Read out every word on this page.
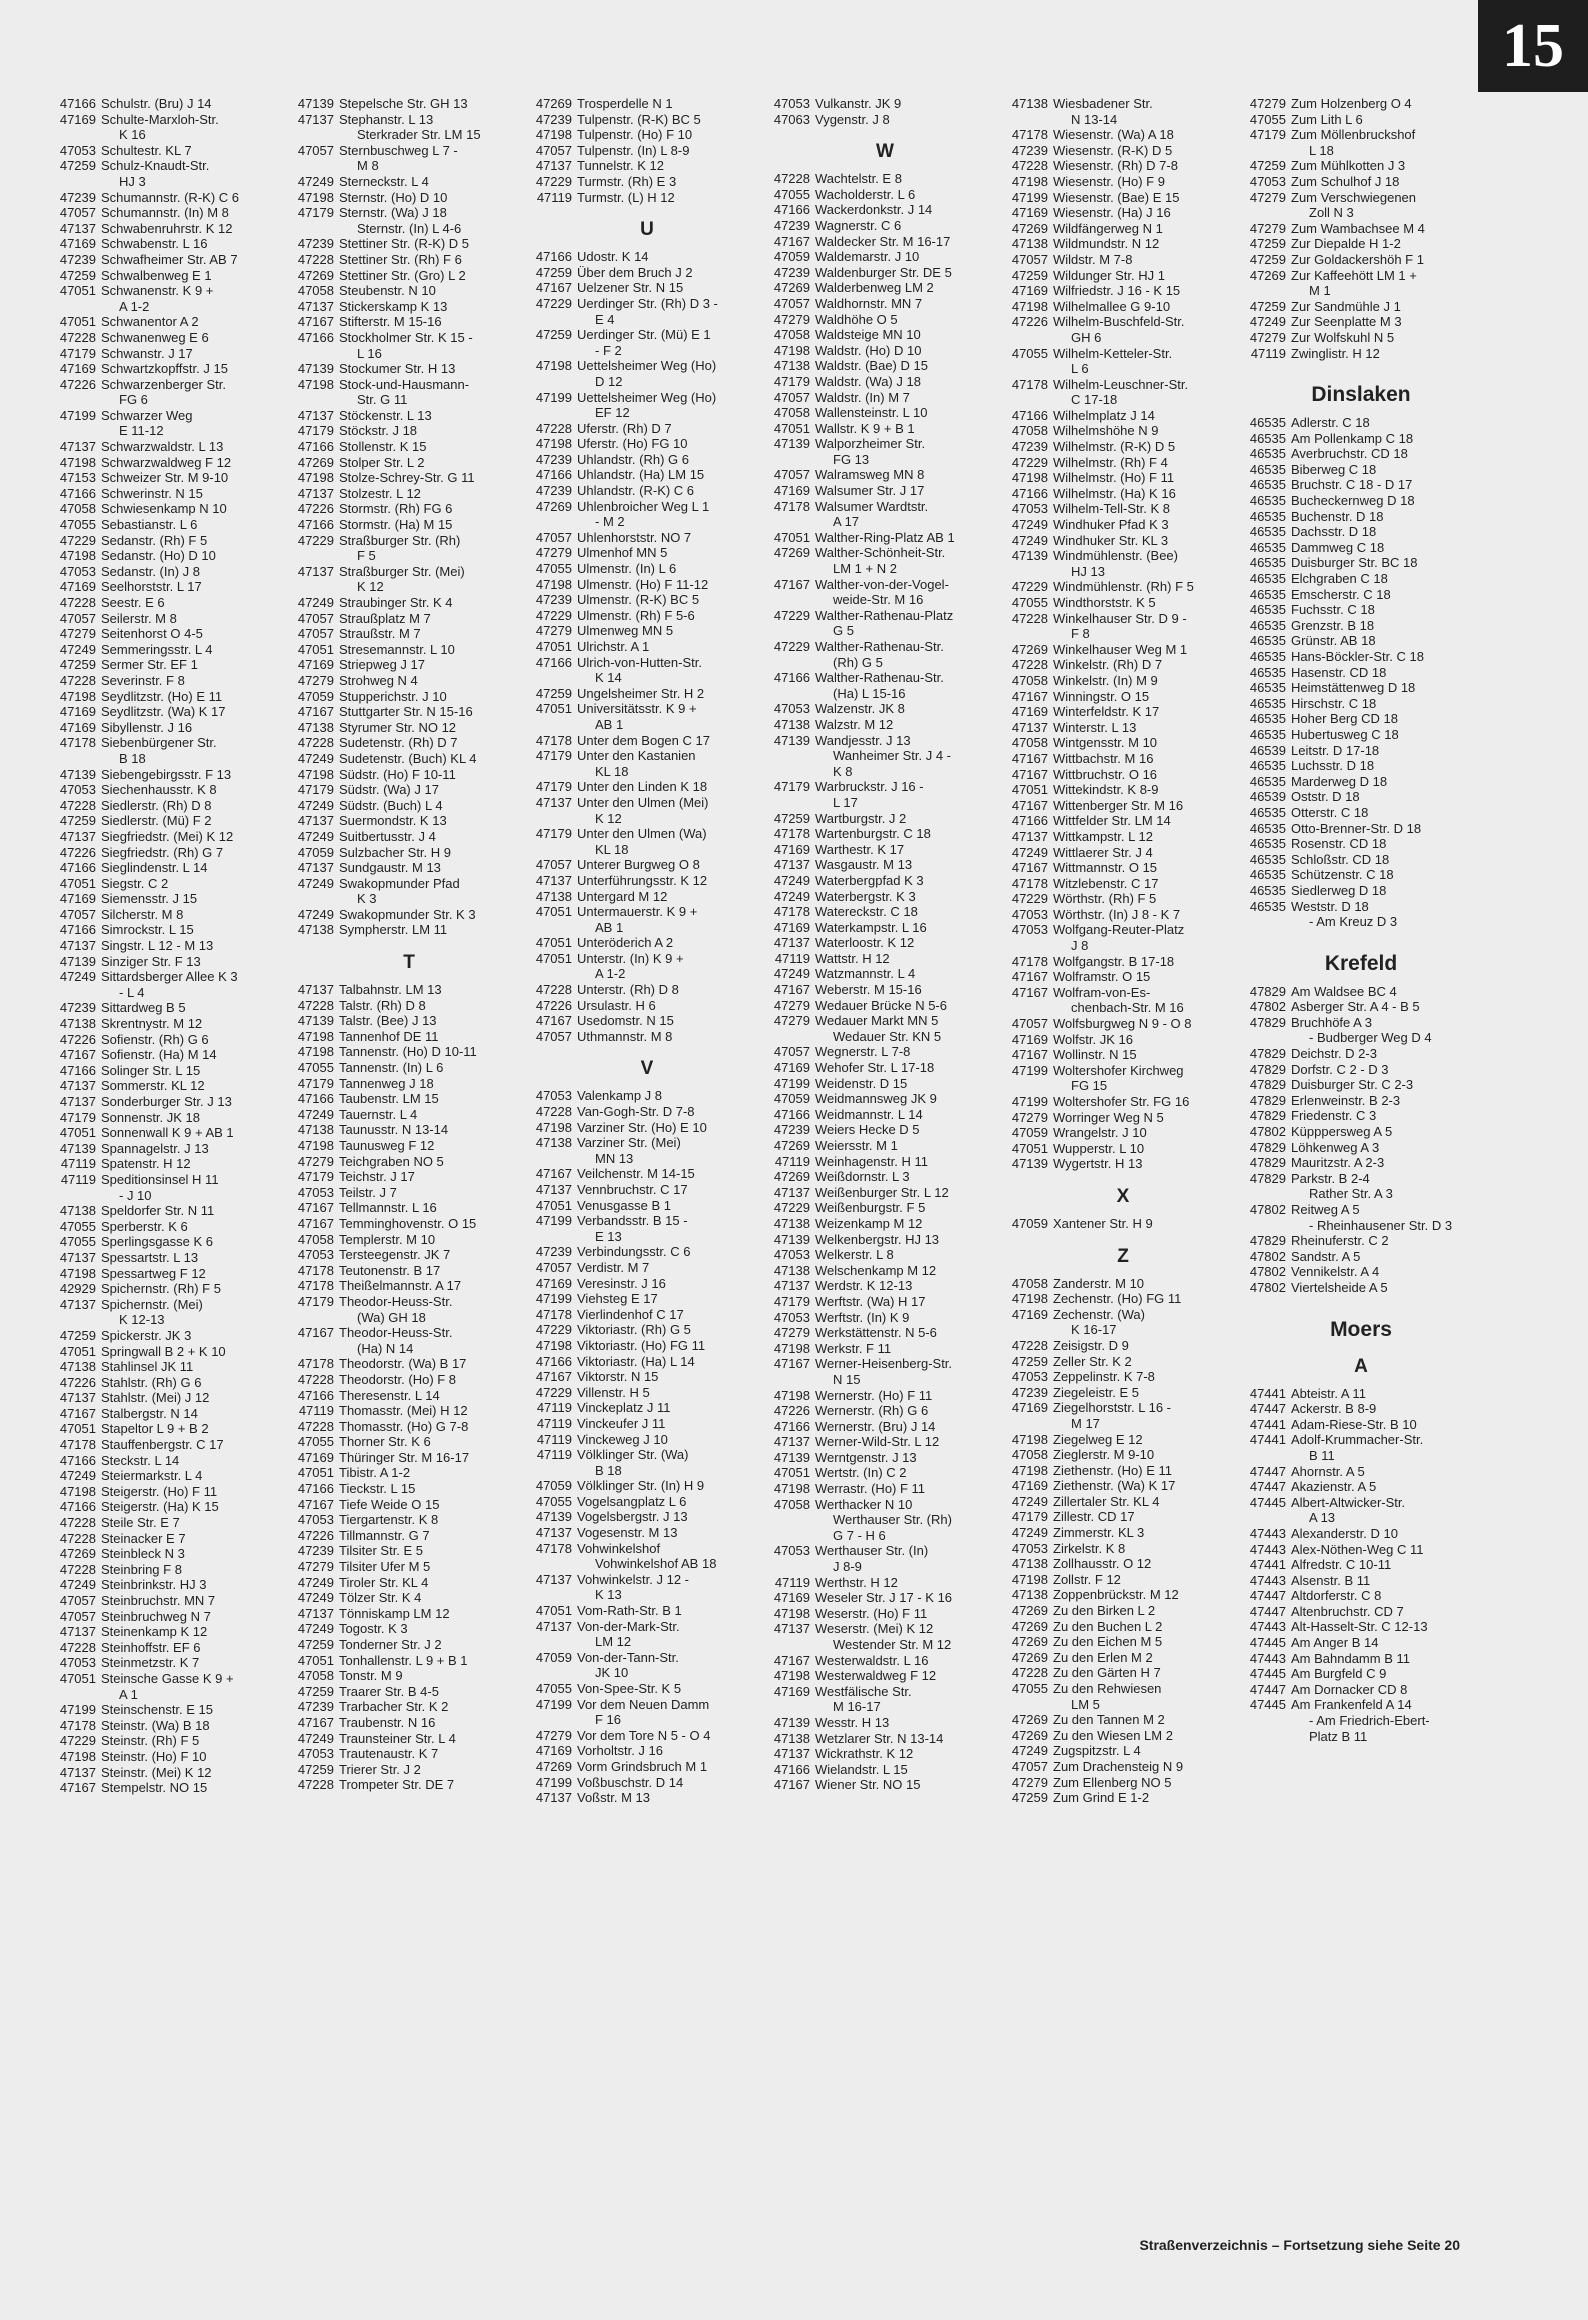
15
47166 Schulstr. (Bru) J 14
47169 Schulte-Marxloh-Str.
K 16
47053 Schultestr. KL 7
47259 Schulz-Knaudt-Str.
HJ 3
47239 Schumannstr. (R-K) C 6
47057 Schumannstr. (In) M 8
47137 Schwabenruhrstr. K 12
47169 Schwabenstr. L 16
47239 Schwafheimer Str. AB 7
47259 Schwalbenweg E 1
47051 Schwanenstr. K 9 +
A 1-2
47051 Schwanentor A 2
47228 Schwanenweg E 6
47179 Schwanstr. J 17
47169 Schwartzkopffstr. J 15
47226 Schwarzenberger Str.
FG 6
47199 Schwarzer Weg
E 11-12
47137 Schwarzwaldstr. L 13
47198 Schwarzwaldweg F 12
47153 Schweizer Str. M 9-10
47166 Schwerinstr. N 15
47058 Schwiesenkamp N 10
47055 Sebastianstr. L 6
47229 Sedanstr. (Rh) F 5
47198 Sedanstr. (Ho) D 10
47053 Sedanstr. (In) J 8
47169 Seelhorststr. L 17
47228 Seestr. E 6
47057 Seilerstr. M 8
47279 Seitenhorst O 4-5
47249 Semmeringsstr. L 4
47259 Sermer Str. EF 1
47228 Severinstr. F 8
47198 Seydlitzstr. (Ho) E 11
47169 Seydlitzstr. (Wa) K 17
47169 Sibyllenstr. J 16
47178 Siebenbürgener Str.
B 18
47139 Siebengebirgsstr. F 13
47053 Siechenhausstr. K 8
47228 Siedlerstr. (Rh) D 8
47259 Siedlerstr. (Mü) F 2
47137 Siegfriedstr. (Mei) K 12
47226 Siegfriedstr. (Rh) G 7
47166 Sieglindenstr. L 14
47051 Siegstr. C 2
47169 Siemensstr. J 15
47057 Silcherstr. M 8
47166 Simrockstr. L 15
47137 Singstr. L 12 - M 13
47139 Sinziger Str. F 13
47249 Sittardsberger Allee K 3
- L 4
47239 Sittardweg B 5
47138 Skrentnystr. M 12
47226 Sofienstr. (Rh) G 6
47167 Sofienstr. (Ha) M 14
47166 Solinger Str. L 15
47137 Sommerstr. KL 12
47137 Sonderburger Str. J 13
47179 Sonnenstr. JK 18
47051 Sonnenwall K 9 + AB 1
47139 Spannagelstr. J 13
47119 Spatenstr. H 12
47119 Speditionsinsel H 11
- J 10
47138 Speldorfer Str. N 11
47055 Sperberstr. K 6
47055 Sperlingsgasse K 6
47137 Spessartstr. L 13
47198 Spessartweg F 12
42929 Spichernstr. (Rh) F 5
47137 Spichernstr. (Mei)
K 12-13
47259 Spickerstr. JK 3
47051 Springwall B 2 + K 10
47138 Stahlinsel JK 11
47226 Stahlstr. (Rh) G 6
47137 Stahlstr. (Mei) J 12
47167 Stalbergstr. N 14
47051 Stapeltor L 9 + B 2
47178 Stauffenbergstr. C 17
47166 Steckstr. L 14
47249 Steiermarkstr. L 4
47198 Steigerstr. (Ho) F 11
47166 Steigerstr. (Ha) K 15
47228 Steile Str. E 7
47228 Steinacker E 7
47269 Steinbleck N 3
47228 Steinbring F 8
47249 Steinbrinkstr. HJ 3
47057 Steinbruchstr. MN 7
47057 Steinbruchweg N 7
47137 Steinenkamp K 12
47228 Steinhoffstr. EF 6
47053 Steinmetzstr. K 7
47051 Steinsche Gasse K 9 +
A 1
47199 Steinschenstr. E 15
47178 Steinstr. (Wa) B 18
47229 Steinstr. (Rh) F 5
47198 Steinstr. (Ho) F 10
47137 Steinstr. (Mei) K 12
47167 Stempelstr. NO 15
47139 Stepelsche Str. GH 13
47137 Stephanstr. L 13
Sterkrader Str. LM 15
47057 Sternbuschweg L 7 -
M 8
47249 Sterneckstr. L 4
47198 Sternstr. (Ho) D 10
47179 Sternstr. (Wa) J 18
Sternstr. (In) L 4-6
47239 Stettiner Str. (R-K) D 5
47228 Stettiner Str. (Rh) F 6
47269 Stettiner Str. (Gro) L 2
47058 Steubenstr. N 10
47137 Stickerskamp K 13
47167 Stifterstr. M 15-16
47166 Stockholmer Str. K 15 -
L 16
47139 Stockumer Str. H 13
47198 Stock-und-Hausmann-
Str. G 11
47137 Stöckenstr. L 13
47179 Stöckstr. J 18
47166 Stollenstr. K 15
47269 Stolper Str. L 2
47198 Stolze-Schrey-Str. G 11
47137 Stolzestr. L 12
47226 Stormstr. (Rh) FG 6
47166 Stormstr. (Ha) M 15
47229 Straßburger Str. (Rh)
F 5
47137 Straßburger Str. (Mei)
K 12
47249 Straubinger Str. K 4
47057 Straußplatz M 7
47057 Straußstr. M 7
47051 Stresemannstr. L 10
47169 Striepweg J 17
47279 Strohweg N 4
47059 Stupperichstr. J 10
47167 Stuttgarter Str. N 15-16
47138 Styrumer Str. NO 12
47228 Sudetenstr. (Rh) D 7
47249 Sudetenstr. (Buch) KL 4
47198 Südstr. (Ho) F 10-11
47179 Südstr. (Wa) J 17
47249 Südstr. (Buch) L 4
47137 Suermondstr. K 13
47249 Suitbertusstr. J 4
47059 Sulzbacher Str. H 9
47137 Sundgaustr. M 13
47249 Swakopmunder Pfad
K 3
47249 Swakopmunder Str. K 3
47138 Sympherstr. LM 11
T
47137 Talbahnstr. LM 13
47228 Talstr. (Rh) D 8
47139 Talstr. (Bee) J 13
47198 Tannenhof DE 11
47198 Tannenstr. (Ho) D 10-11
47055 Tannenstr. (In) L 6
47179 Tannenweg J 18
47166 Taubenstr. LM 15
47249 Tauernstr. L 4
47138 Taunusstr. N 13-14
47198 Taunusweg F 12
47279 Teichgraben NO 5
47179 Teichstr. J 17
47053 Teilstr. J 7
47167 Tellmannstr. L 16
47167 Temminghovenstr. O 15
47058 Templerstr. M 10
47053 Tersteegenstr. JK 7
47178 Teutonenstr. B 17
47178 Theißelmannstr. A 17
47179 Theodor-Heuss-Str.
(Wa) GH 18
47167 Theodor-Heuss-Str.
(Ha) N 14
47178 Theodorstr. (Wa) B 17
47228 Theodorstr. (Ho) F 8
47166 Theresenstr. L 14
47119 Thomasstr. (Mei) H 12
47228 Thomasstr. (Ho) G 7-8
47055 Thorner Str. K 6
47169 Thüringer Str. M 16-17
47051 Tibistr. A 1-2
47166 Tieckstr. L 15
47167 Tiefe Weide O 15
47053 Tiergartenstr. K 8
47226 Tillmannstr. G 7
47239 Tilsiter Str. E 5
47279 Tilsiter Ufer M 5
47249 Tiroler Str. KL 4
47249 Tölzer Str. K 4
47137 Tönniskamp LM 12
47249 Togostr. K 3
47259 Tonderner Str. J 2
47051 Tonhallenstr. L 9 + B 1
47058 Tonstr. M 9
47259 Traarer Str. B 4-5
47239 Trarbacher Str. K 2
47167 Traubenstr. N 16
47249 Traunsteiner Str. L 4
47053 Trautenaustr. K 7
47259 Trierer Str. J 2
47228 Trompeter Str. DE 7
47269 Trosperdelle N 1
47239 Tulpenstr. (R-K) BC 5
47198 Tulpenstr. (Ho) F 10
47057 Tulpenstr. (In) L 8-9
47137 Tunnelstr. K 12
47229 Turmstr. (Rh) E 3
47119 Turmstr. (L) H 12
U
47166 Udostr. K 14
47259 Über dem Bruch J 2
47167 Uelzener Str. N 15
47229 Uerdinger Str. (Rh) D 3 -
E 4
47259 Uerdinger Str. (Mü) E 1
- F 2
47198 Uettelsheimer Weg (Ho)
D 12
47199 Uettelsheimer Weg (Ho)
EF 12
47228 Uferstr. (Rh) D 7
47198 Uferstr. (Ho) FG 10
47239 Uhlandstr. (Rh) G 6
47166 Uhlandstr. (Ha) LM 15
47239 Uhlandstr. (R-K) C 6
47269 Uhlenbroicher Weg L 1
- M 2
47057 Uhlenhorststr. NO 7
47279 Ulmenhof MN 5
47055 Ulmenstr. (In) L 6
47198 Ulmenstr. (Ho) F 11-12
47239 Ulmenstr. (R-K) BC 5
47229 Ulmenstr. (Rh) F 5-6
47279 Ulmenweg MN 5
47051 Ulrichstr. A 1
47166 Ulrich-von-Hutten-Str.
K 14
47259 Ungelsheimer Str. H 2
47051 Universitätsstr. K 9 +
AB 1
47178 Unter dem Bogen C 17
47179 Unter den Kastanien
KL 18
47179 Unter den Linden K 18
47137 Unter den Ulmen (Mei)
K 12
47179 Unter den Ulmen (Wa)
KL 18
47057 Unterer Burgweg O 8
47137 Unterführungsstr. K 12
47138 Untergard M 12
47051 Untermauerstr. K 9 +
AB 1
47051 Unteröderich A 2
47051 Unterstr. (In) K 9 +
A 1-2
47228 Unterstr. (Rh) D 8
47226 Ursulastr. H 6
47167 Usedomstr. N 15
47057 Uthmannstr. M 8
V
47053 Valenkamp J 8
47228 Van-Gogh-Str. D 7-8
47198 Varziner Str. (Ho) E 10
47138 Varziner Str. (Mei)
MN 13
47167 Veilchenstr. M 14-15
47137 Vennbruchstr. C 17
47051 Venusgasse B 1
47199 Verbandsstr. B 15 -
E 13
47239 Verbindungsstr. C 6
47057 Verdistr. M 7
47169 Veresinstr. J 16
47199 Viehsteg E 17
47178 Vierlindenhof C 17
47229 Viktoriastr. (Rh) G 5
47198 Viktoriastr. (Ho) FG 11
47166 Viktoriastr. (Ha) L 14
47167 Viktorstr. N 15
47229 Villenstr. H 5
47119 Vinckeplatz J 11
47119 Vinckeufer J 11
47119 Vinckeweg J 10
47119 Völklinger Str. (Wa)
B 18
47059 Völklinger Str. (In) H 9
47055 Vogelsangplatz L 6
47139 Vogelsbergstr. J 13
47137 Vogesenstr. M 13
47178 Vohwinkelshof
Vohwinkelshof AB 18
47137 Vohwinkelstr. J 12 -
K 13
47051 Vom-Rath-Str. B 1
47137 Von-der-Mark-Str.
LM 12
47059 Von-der-Tann-Str.
JK 10
47055 Von-Spee-Str. K 5
47199 Vor dem Neuen Damm
F 16
47279 Vor dem Tore N 5 - O 4
47169 Vorholtstr. J 16
47269 Vorm Grindsbruch M 1
47199 Voßbuschstr. D 14
47137 Voßstr. M 13
47053 Vulkanstr. JK 9
47063 Vygenstr. J 8
W
47228 Wachtelstr. E 8
47055 Wacholderstr. L 6
47166 Wackerdonkstr. J 14
47239 Wagnerstr. C 6
47167 Waldecker Str. M 16-17
47059 Waldemarstr. J 10
47239 Waldenburger Str. DE 5
47269 Walderbenweg LM 2
47057 Waldhornstr. MN 7
47279 Waldhöhe O 5
47058 Waldsteige MN 10
47198 Waldstr. (Ho) D 10
47138 Waldstr. (Bae) D 15
47179 Waldstr. (Wa) J 18
47057 Waldstr. (In) M 7
47058 Wallensteinstr. L 10
47051 Wallstr. K 9 + B 1
47139 Walporzheimer Str.
FG 13
47057 Walramsweg MN 8
47169 Walsumer Str. J 17
47178 Walsumer Wardtstr.
A 17
47051 Walther-Ring-Platz AB 1
47269 Walther-Schönheit-Str.
LM 1 + N 2
47167 Walther-von-der-Vogel-
weide-Str. M 16
47229 Walther-Rathenau-Platz
G 5
47229 Walther-Rathenau-Str.
(Rh) G 5
47166 Walther-Rathenau-Str.
(Ha) L 15-16
47053 Walzenstr. JK 8
47138 Walzstr. M 12
47139 Wandjesstr. J 13
Wanheimer Str. J 4 -
K 8
47179 Warbruckstr. J 16 -
L 17
47259 Wartburgstr. J 2
47178 Wartenburgstr. C 18
47169 Warthestr. K 17
47137 Wasgaustr. M 13
47249 Waterbergpfad K 3
47249 Waterbergstr. K 3
47178 Watereckstr. C 18
47169 Waterkampstr. L 16
47137 Waterloostr. K 12
47119 Wattstr. H 12
47249 Watzmannstr. L 4
47167 Weberstr. M 15-16
47279 Wedauer Brücke N 5-6
47279 Wedauer Markt MN 5
Wedauer Str. KN 5
47057 Wegnerstr. L 7-8
47169 Wehofer Str. L 17-18
47199 Weidenstr. D 15
47059 Weidmannsweg JK 9
47166 Weidmannstr. L 14
47239 Weiers Hecke D 5
47269 Weiersstr. M 1
47119 Weinhagenstr. H 11
47269 Weißdornstr. L 3
47137 Weißenburger Str. L 12
47229 Weißenburgstr. F 5
47138 Weizenkamp M 12
47139 Welkenbergstr. HJ 13
47053 Welkerstr. L 8
47138 Welschenkamp M 12
47137 Werdstr. K 12-13
47179 Werftstr. (Wa) H 17
47053 Werftstr. (In) K 9
47279 Werkstättenstr. N 5-6
47198 Werkstr. F 11
47167 Werner-Heisenberg-Str.
N 15
47198 Wernerstr. (Ho) F 11
47226 Wernerstr. (Rh) G 6
47166 Wernerstr. (Bru) J 14
47137 Werner-Wild-Str. L 12
47139 Werntgenstr. J 13
47051 Wertstr. (In) C 2
47198 Werrastr. (Ho) F 11
47058 Werthacker N 10
Werthauser Str. (Rh)
G 7 - H 6
47053 Werthauser Str. (In)
J 8-9
47119 Werthstr. H 12
47169 Weseler Str. J 17 - K 16
47198 Weserstr. (Ho) F 11
47137 Weserstr. (Mei) K 12
Westender Str. M 12
47167 Westerwaldstr. L 16
47198 Westerwaldweg F 12
47169 Westfälische Str.
M 16-17
47139 Wesstr. H 13
47138 Wetzlarer Str. N 13-14
47137 Wickrathstr. K 12
47166 Wielandstr. L 15
47167 Wiener Str. NO 15
47138 Wiesbadener Str.
N 13-14
47178 Wiesenstr. (Wa) A 18
47239 Wiesenstr. (R-K) D 5
47228 Wiesenstr. (Rh) D 7-8
47198 Wiesenstr. (Ho) F 9
47199 Wiesenstr. (Bae) E 15
47169 Wiesenstr. (Ha) J 16
47269 Wildfängerweg N 1
47138 Wildmundstr. N 12
47057 Wildstr. M 7-8
47259 Wildunger Str. HJ 1
47169 Wilfriedstr. J 16 - K 15
47198 Wilhelmallee G 9-10
47226 Wilhelm-Buschfeld-Str.
GH 6
47055 Wilhelm-Ketteler-Str.
L 6
47178 Wilhelm-Leuschner-Str.
C 17-18
47166 Wilhelmplatz J 14
47058 Wilhelmshöhe N 9
47239 Wilhelmstr. (R-K) D 5
47229 Wilhelmstr. (Rh) F 4
47198 Wilhelmstr. (Ho) F 11
47166 Wilhelmstr. (Ha) K 16
47053 Wilhelm-Tell-Str. K 8
47249 Windhuker Pfad K 3
47249 Windhuker Str. KL 3
47139 Windmühlenstr. (Bee)
HJ 13
47229 Windmühlenstr. (Rh) F 5
47055 Windthorststr. K 5
47228 Winkelhauser Str. D 9 -
F 8
47269 Winkelhauser Weg M 1
47228 Winkelstr. (Rh) D 7
47058 Winkelstr. (In) M 9
47167 Winningstr. O 15
47169 Winterfeldstr. K 17
47137 Winterstr. L 13
47058 Wintgensstr. M 10
47167 Wittbachstr. M 16
47167 Wittbruchstr. O 16
47051 Wittekindstr. K 8-9
47167 Wittenberger Str. M 16
47166 Wittfelder Str. LM 14
47137 Wittkampstr. L 12
47249 Wittlaerer Str. J 4
47167 Wittmannstr. O 15
47178 Witzlebenstr. C 17
47229 Wörthstr. (Rh) F 5
47053 Wörthstr. (In) J 8 - K 7
47053 Wolfgang-Reuter-Platz
J 8
47178 Wolfgangstr. B 17-18
47167 Wolframstr. O 15
47167 Wolfram-von-Es-
chenbach-Str. M 16
47057 Wolfsburgweg N 9 - O 8
47169 Wolfstr. JK 16
47167 Wollinstr. N 15
47199 Woltershofer Kirchweg
FG 15
47199 Woltershofer Str. FG 16
47279 Worringer Weg N 5
47059 Wrangelstr. J 10
47051 Wupperstr. L 10
47139 Wygertstr. H 13
X
47059 Xantener Str. H 9
Z
47058 Zanderstr. M 10
47198 Zechenstr. (Ho) FG 11
47169 Zechenstr. (Wa)
K 16-17
47228 Zeisigstr. D 9
47259 Zeller Str. K 2
47053 Zeppelinstr. K 7-8
47239 Ziegeleistr. E 5
47169 Ziegelhorststr. L 16 -
M 17
47198 Ziegelweg E 12
47058 Zieglerstr. M 9-10
47198 Ziethenstr. (Ho) E 11
47169 Ziethenstr. (Wa) K 17
47249 Zillertaler Str. KL 4
47179 Zillestr. CD 17
47249 Zimmerstr. KL 3
47053 Zirkelstr. K 8
47138 Zollhausstr. O 12
47198 Zollstr. F 12
47138 Zoppenbrückstr. M 12
47269 Zu den Birken L 2
47269 Zu den Buchen L 2
47269 Zu den Eichen M 5
47269 Zu den Erlen M 2
47228 Zu den Gärten H 7
47055 Zu den Rehwiesen
LM 5
47269 Zu den Tannen M 2
47269 Zu den Wiesen LM 2
47249 Zugspitzstr. L 4
47057 Zum Drachensteig N 9
47279 Zum Ellenberg NO 5
47259 Zum Grind E 1-2
47279 Zum Holzenberg O 4
47055 Zum Lith L 6
47179 Zum Möllenbruckshof
L 18
47259 Zum Mühlkotten J 3
47053 Zum Schulhof J 18
47279 Zum Verschwiegenen
Zoll N 3
47279 Zum Wambachsee M 4
47259 Zur Diepalde H 1-2
47259 Zur Goldackershöh F 1
47269 Zur Kaffeehött LM 1 +
M 1
47259 Zur Sandmühle J 1
47249 Zur Seenplatte M 3
47279 Zur Wolfskuhl N 5
47119 Zwinglistr. H 12
Dinslaken
46535 Adlerstr. C 18
46535 Am Pollenkamp C 18
46535 Averbruchstr. CD 18
46535 Biberweg C 18
46535 Bruchstr. C 18 - D 17
46535 Bucheckernweg D 18
46535 Buchenstr. D 18
46535 Dachsstr. D 18
46535 Dammweg C 18
46535 Duisburger Str. BC 18
46535 Elchgraben C 18
46535 Emscherstr. C 18
46535 Fuchsstr. C 18
46535 Grenzstr. B 18
46535 Grünstr. AB 18
46535 Hans-Böckler-Str. C 18
46535 Hasenstr. CD 18
46535 Heimstättenweg D 18
46535 Hirschstr. C 18
46535 Hoher Berg CD 18
46535 Hubertusweg C 18
46539 Leitstr. D 17-18
46535 Luchsstr. D 18
46535 Marderweg D 18
46539 Oststr. D 18
46535 Otterstr. C 18
46535 Otto-Brenner-Str. D 18
46535 Rosenstr. CD 18
46535 Schloßstr. CD 18
46535 Schützenstr. C 18
46535 Siedlerweg D 18
46535 Weststr. D 18
- Am Kreuz D 3
Krefeld
47829 Am Waldsee BC 4
47802 Asberger Str. A 4 - B 5
47829 Bruchhöfe A 3
- Budberger Weg D 4
47829 Deichstr. D 2-3
47829 Dorfstr. C 2 - D 3
47829 Duisburger Str. C 2-3
47829 Erlenweinstr. B 2-3
47829 Friedenstr. C 3
47802 Küpppersweg A 5
47829 Löhkenweg A 3
47829 Mauritzstr. A 2-3
47829 Parkstr. B 2-4
Rather Str. A 3
47802 Reitweg A 5
- Rheinhausener Str. D 3
47829 Rheinuferstr. C 2
47802 Sandstr. A 5
47802 Vennikelstr. A 4
47802 Viertelsheide A 5
Moers
A
47441 Abteistr. A 11
47447 Ackerstr. B 8-9
47441 Adam-Riese-Str. B 10
47441 Adolf-Krummacher-Str.
B 11
47447 Ahornstr. A 5
47447 Akazienstr. A 5
47445 Albert-Altwicker-Str.
A 13
47443 Alexanderstr. D 10
47443 Alex-Nöthen-Weg C 11
47441 Alfredstr. C 10-11
47443 Alsenstr. B 11
47447 Altdorferstr. C 8
47447 Altenbruchstr. CD 7
47443 Alt-Hasselt-Str. C 12-13
47445 Am Anger B 14
47443 Am Bahndamm B 11
47445 Am Burgfeld C 9
47447 Am Dornacker CD 8
47445 Am Frankenfeld A 14
- Am Friedrich-Ebert-
Platz B 11
Straßenverzeichnis – Fortsetzung siehe Seite 20
